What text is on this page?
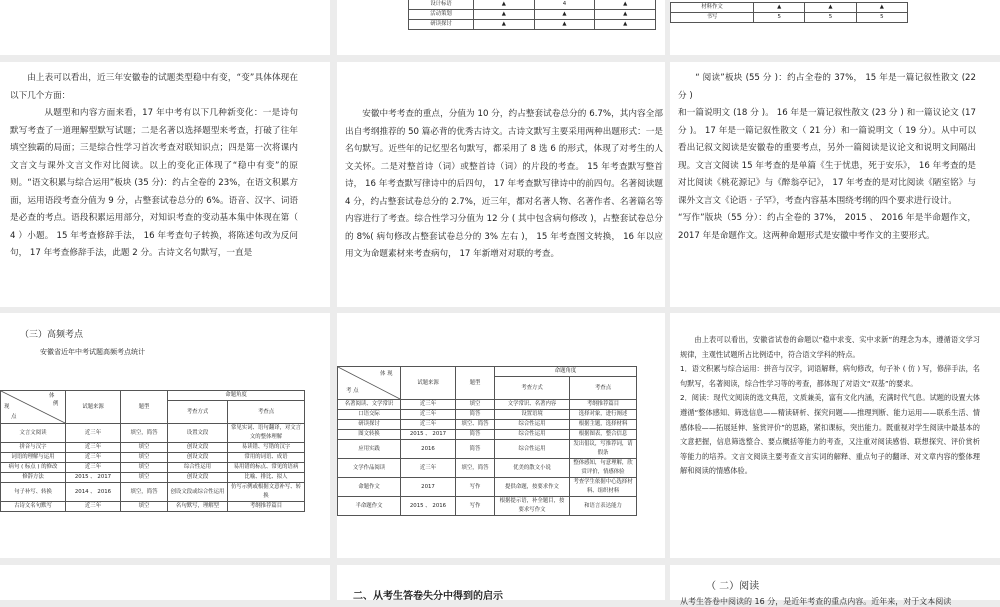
设计标语	▲	4	▲
活动策划	▲	▲	▲
研读探讨	▲	▲	▲
材料作文	▲	▲	▲
书写	5	5	5

由上表可以看出，近三年安徽卷的试题类型稳中有变，“变”具体体现在以下几个方面：

从题型和内容方面来看，17 年中考有以下几种新变化：一是诗句默写考查了一道理解型默写试题；二是名著以选择题型来考查，打破了往年填空独霸的局面；三是综合性学习首次考查对联知识点；四是第一次将课内文言文与课外文言文作对比阅读。以上的变化正体现了“稳中有变”的原则。“语文积累与综合运用”板块 (35 分)：约占全卷的 23%，在语文积累方面，运用语段考查分值为 9 分，占整套试卷总分的 6%。语音、汉字、词语是必查的考点。语段积累运用部分，对知识考查的变动基本集中体现在第（ 4 ）小题。 15 年考查修辞手法， 16 年考查句子转换，将陈述句改为反问句， 17 年考查修辞手法，此题 2 分。古诗文名句默写，一直是

安徽中考考查的重点，分值为 10 分，约占整套试卷总分的 6.7%，其内容全部出自考纲推荐的 50 篇必背的优秀古诗文。古诗文默写主要采用两种出题形式：一是名句默写。近些年的记忆型名句默写，都采用了 8 选 6 的形式，体现了对考生的人文关怀。二是对整首诗（词）或整首诗（词）的片段的考查。 15 年考查默写整首诗， 16 年考查默写律诗中的后四句， 17 年考查默写律诗中的前四句。名著阅读题 4 分，约占整套试卷总分的 2.7%，近三年，都对名著人物、名著作者、名著篇名等内容进行了考查。综合性学习分值为 12 分 ( 其中包含病句修改 )，占整套试卷总分的 8%( 病句修改占整套试卷总分的 3% 左右 )， 15 年考查图文转换， 16 年以应用文为命题素材来考查病句， 17 年新增对对联的考查。

“ 阅读”板块 (55 分 )：约占全卷的 37%， 15 年是一篇记叙性散文 (22 分 )

和一篇说明文 (18 分 )。 16 年是一篇记叙性散文 (23 分 ) 和一篇议论文 (17 分 )。 17 年是一篇记叙性散文（ 21 分）和一篇说明文（ 19 分）。从中可以看出记叙文阅读是安徽卷的重要考点，另外一篇阅读是议论文和说明文间隔出现。文言文阅读 15 年考查的是单篇《生于忧患，死于安乐》， 16 年考查的是对比阅读《桃花源记》与《醉翁亭记》， 17 年考查的是对比阅读《陋室铭》与课外文言文《论语 · 子罕》，考查内容基本围绕考纲的四个要求进行设计。

“写作”版块（55 分）：约占全卷的 37%， 2015 、 2016 年是半命题作文， 2017 年是命题作文。这两种命题形式是安徽中考作文的主要形式。

（三）高频考点
安徽省近年中考试题高频考点统计
体
例
现
点	试题来源	题型	命题角度	
			考查方式	考查点
文言文阅读	近三年	填空，简答	设置文段	常见实词、语句翻译，对文言文的整体理解
拼音与汉字	近三年	填空	创设文段	易读错、写错的汉字
词语的理解与运用	近三年	填空	创设文段	常用的词语、成语
病句 ( 标点 ) 的修改	近三年	填空	综合性运用	易用错的标点、常见的语病
修辞方法	2015 、 2017	填空	创设文段	比喻、排比、拟人
句子补写、转换	2014 、 2016	填空，简答	创设文段或综合性运用	仿写示例或根据文意补写、转换
古诗文名句默写	近三年	填空	名句默写，理解型	考纲推荐篇目
体 现
考 点	试题来源	题型	命题角度	
			考查方式	考查点
名著阅读、文学常识	近三年	填空	文学常识、名著内容	考纲推荐篇目
口语交际	近三年	简答	设置语境	选择对象，进行阐述
研读探讨	近三年	填空、简答	综合性运用	根据主题，选择材料
图文转换	2015 、 2017	简答	综合性运用	根据图表，整合信息
应用实践	2016	简答	综合性运用	发出倡议，写推荐词，请假条
文学作品阅读	近三年	填空，简答	优美的散文小说	整体感知，句意理解，欣赏评价，情感体验
命题作文	2017	写作	提供命题，按要求作文	考查学生依据中心选择材料、组织材料
半命题作文	2015 、 2016	写作	根据提示语，补全题目，按要求写作文	和语言表达能力

由上表可以看出，安徽省试卷的命题以“稳中求变、实中求新”的理念为本，遵循语文学习规律，主观性试题所占比例适中，符合语文学科的特点。

1．语文积累与综合运用：拼音与汉字，词语解释，病句修改，句子补 ( 仿 ) 写，修辞手法，名句默写，名著阅读，综合性学习等的考查，都体现了对语文“双基”的要求。

2．阅读：现代文阅读的选文典范，文质兼美，富有文化内涵，充满时代气息。试题的设置大体遵循“整体感知、筛选信息——精读研析、探究问题——推理判断、能力运用——联系生活、情感体验——拓展延伸、鉴赏评价”的思路，紧扣课标，突出能力。既重视对学生阅读中最基本的文意把握，信息筛选整合、要点概括等能力的考查，又注重对阅读感悟、联想探究、评价赏析等能力的培养。文言文阅读主要考查文言实词的解释、重点句子的翻译、对文章内容的整体理解和阅读的情感体验。

二、从考生答卷失分中得到的启示
（ 二）阅读
从考生答卷中阅读的 16 分，是近年考查的重点内容。近年来，对于文本阅读
